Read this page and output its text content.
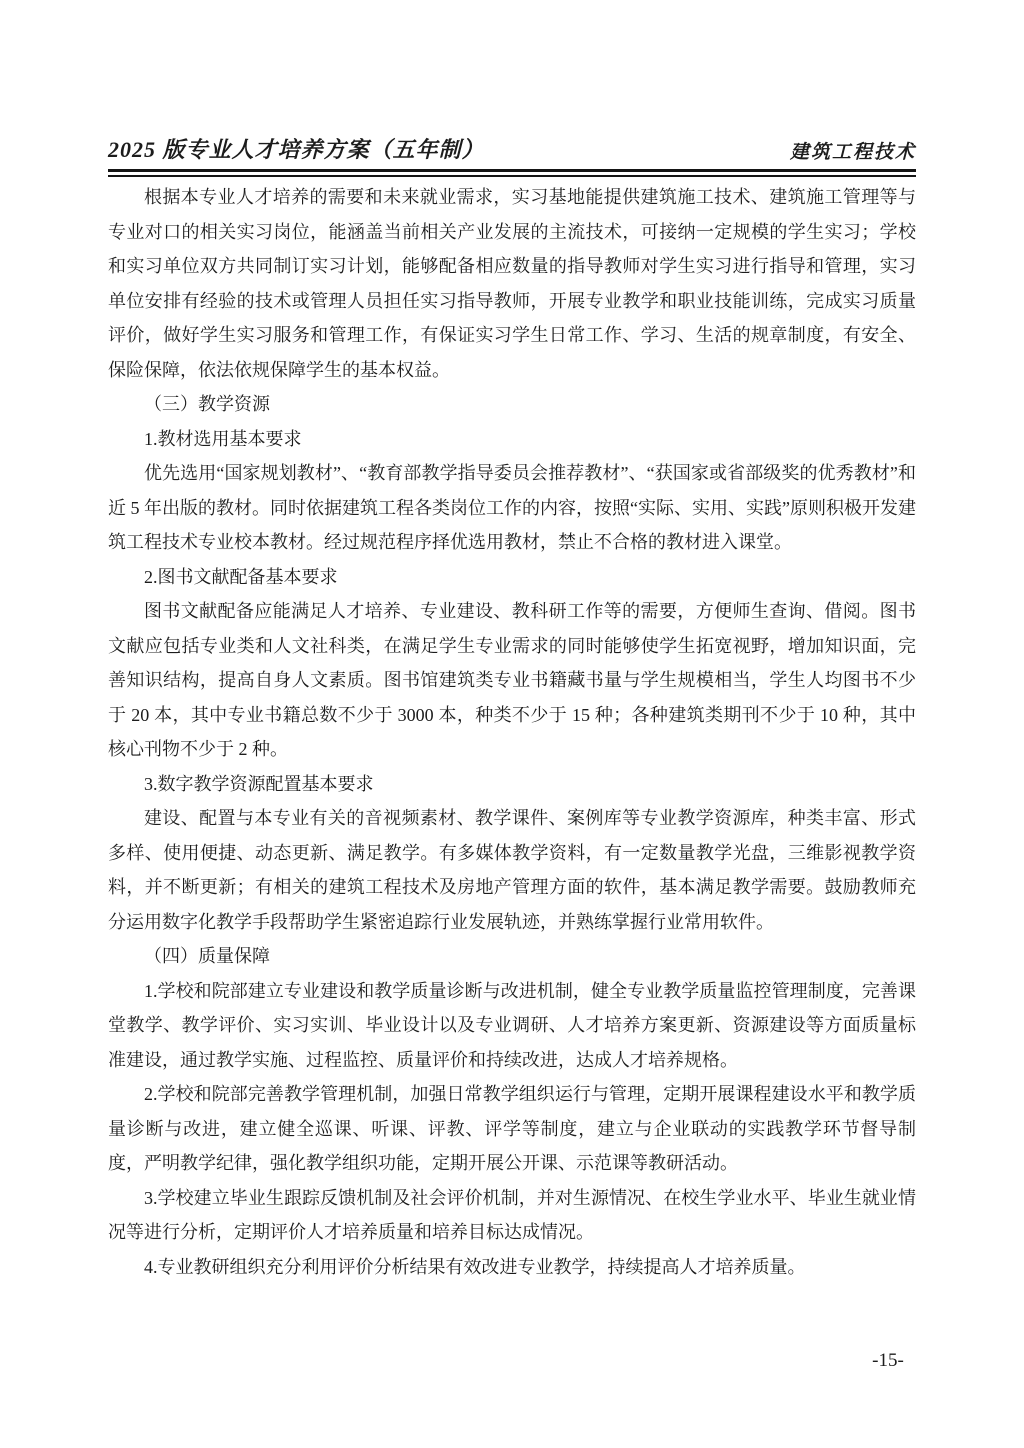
2025 版专业人才培养方案（五年制）	建筑工程技术

根据本专业人才培养的需要和未来就业需求，实习基地能提供建筑施工技术、建筑施工管理等与专业对口的相关实习岗位，能涵盖当前相关产业发展的主流技术，可接纳一定规模的学生实习；学校和实习单位双方共同制订实习计划，能够配备相应数量的指导教师对学生实习进行指导和管理，实习单位安排有经验的技术或管理人员担任实习指导教师，开展专业教学和职业技能训练，完成实习质量评价，做好学生实习服务和管理工作，有保证实习学生日常工作、学习、生活的规章制度，有安全、保险保障，依法依规保障学生的基本权益。

（三）教学资源

1.教材选用基本要求

优先选用“国家规划教材”、“教育部教学指导委员会推荐教材”、“获国家或省部级奖的优秀教材”和近 5 年出版的教材。同时依据建筑工程各类岗位工作的内容，按照“实际、实用、实践”原则积极开发建筑工程技术专业校本教材。经过规范程序择优选用教材，禁止不合格的教材进入课堂。

2.图书文献配备基本要求

图书文献配备应能满足人才培养、专业建设、教科研工作等的需要，方便师生查询、借阅。图书文献应包括专业类和人文社科类，在满足学生专业需求的同时能够使学生拓宽视野，增加知识面，完善知识结构，提高自身人文素质。图书馆建筑类专业书籍藏书量与学生规模相当，学生人均图书不少于 20 本，其中专业书籍总数不少于 3000 本，种类不少于 15 种；各种建筑类期刊不少于 10 种，其中核心刊物不少于 2 种。

3.数字教学资源配置基本要求

建设、配置与本专业有关的音视频素材、教学课件、案例库等专业教学资源库，种类丰富、形式多样、使用便捷、动态更新、满足教学。有多媒体教学资料，有一定数量教学光盘，三维影视教学资料，并不断更新；有相关的建筑工程技术及房地产管理方面的软件，基本满足教学需要。鼓励教师充分运用数字化教学手段帮助学生紧密追踪行业发展轨迹，并熟练掌握行业常用软件。

（四）质量保障

1.学校和院部建立专业建设和教学质量诊断与改进机制，健全专业教学质量监控管理制度，完善课堂教学、教学评价、实习实训、毕业设计以及专业调研、人才培养方案更新、资源建设等方面质量标准建设，通过教学实施、过程监控、质量评价和持续改进，达成人才培养规格。

2.学校和院部完善教学管理机制，加强日常教学组织运行与管理，定期开展课程建设水平和教学质量诊断与改进，建立健全巡课、听课、评教、评学等制度，建立与企业联动的实践教学环节督导制度，严明教学纪律，强化教学组织功能，定期开展公开课、示范课等教研活动。

3.学校建立毕业生跟踪反馈机制及社会评价机制，并对生源情况、在校生学业水平、毕业生就业情况等进行分析，定期评价人才培养质量和培养目标达成情况。

4.专业教研组织充分利用评价分析结果有效改进专业教学，持续提高人才培养质量。

-15-
